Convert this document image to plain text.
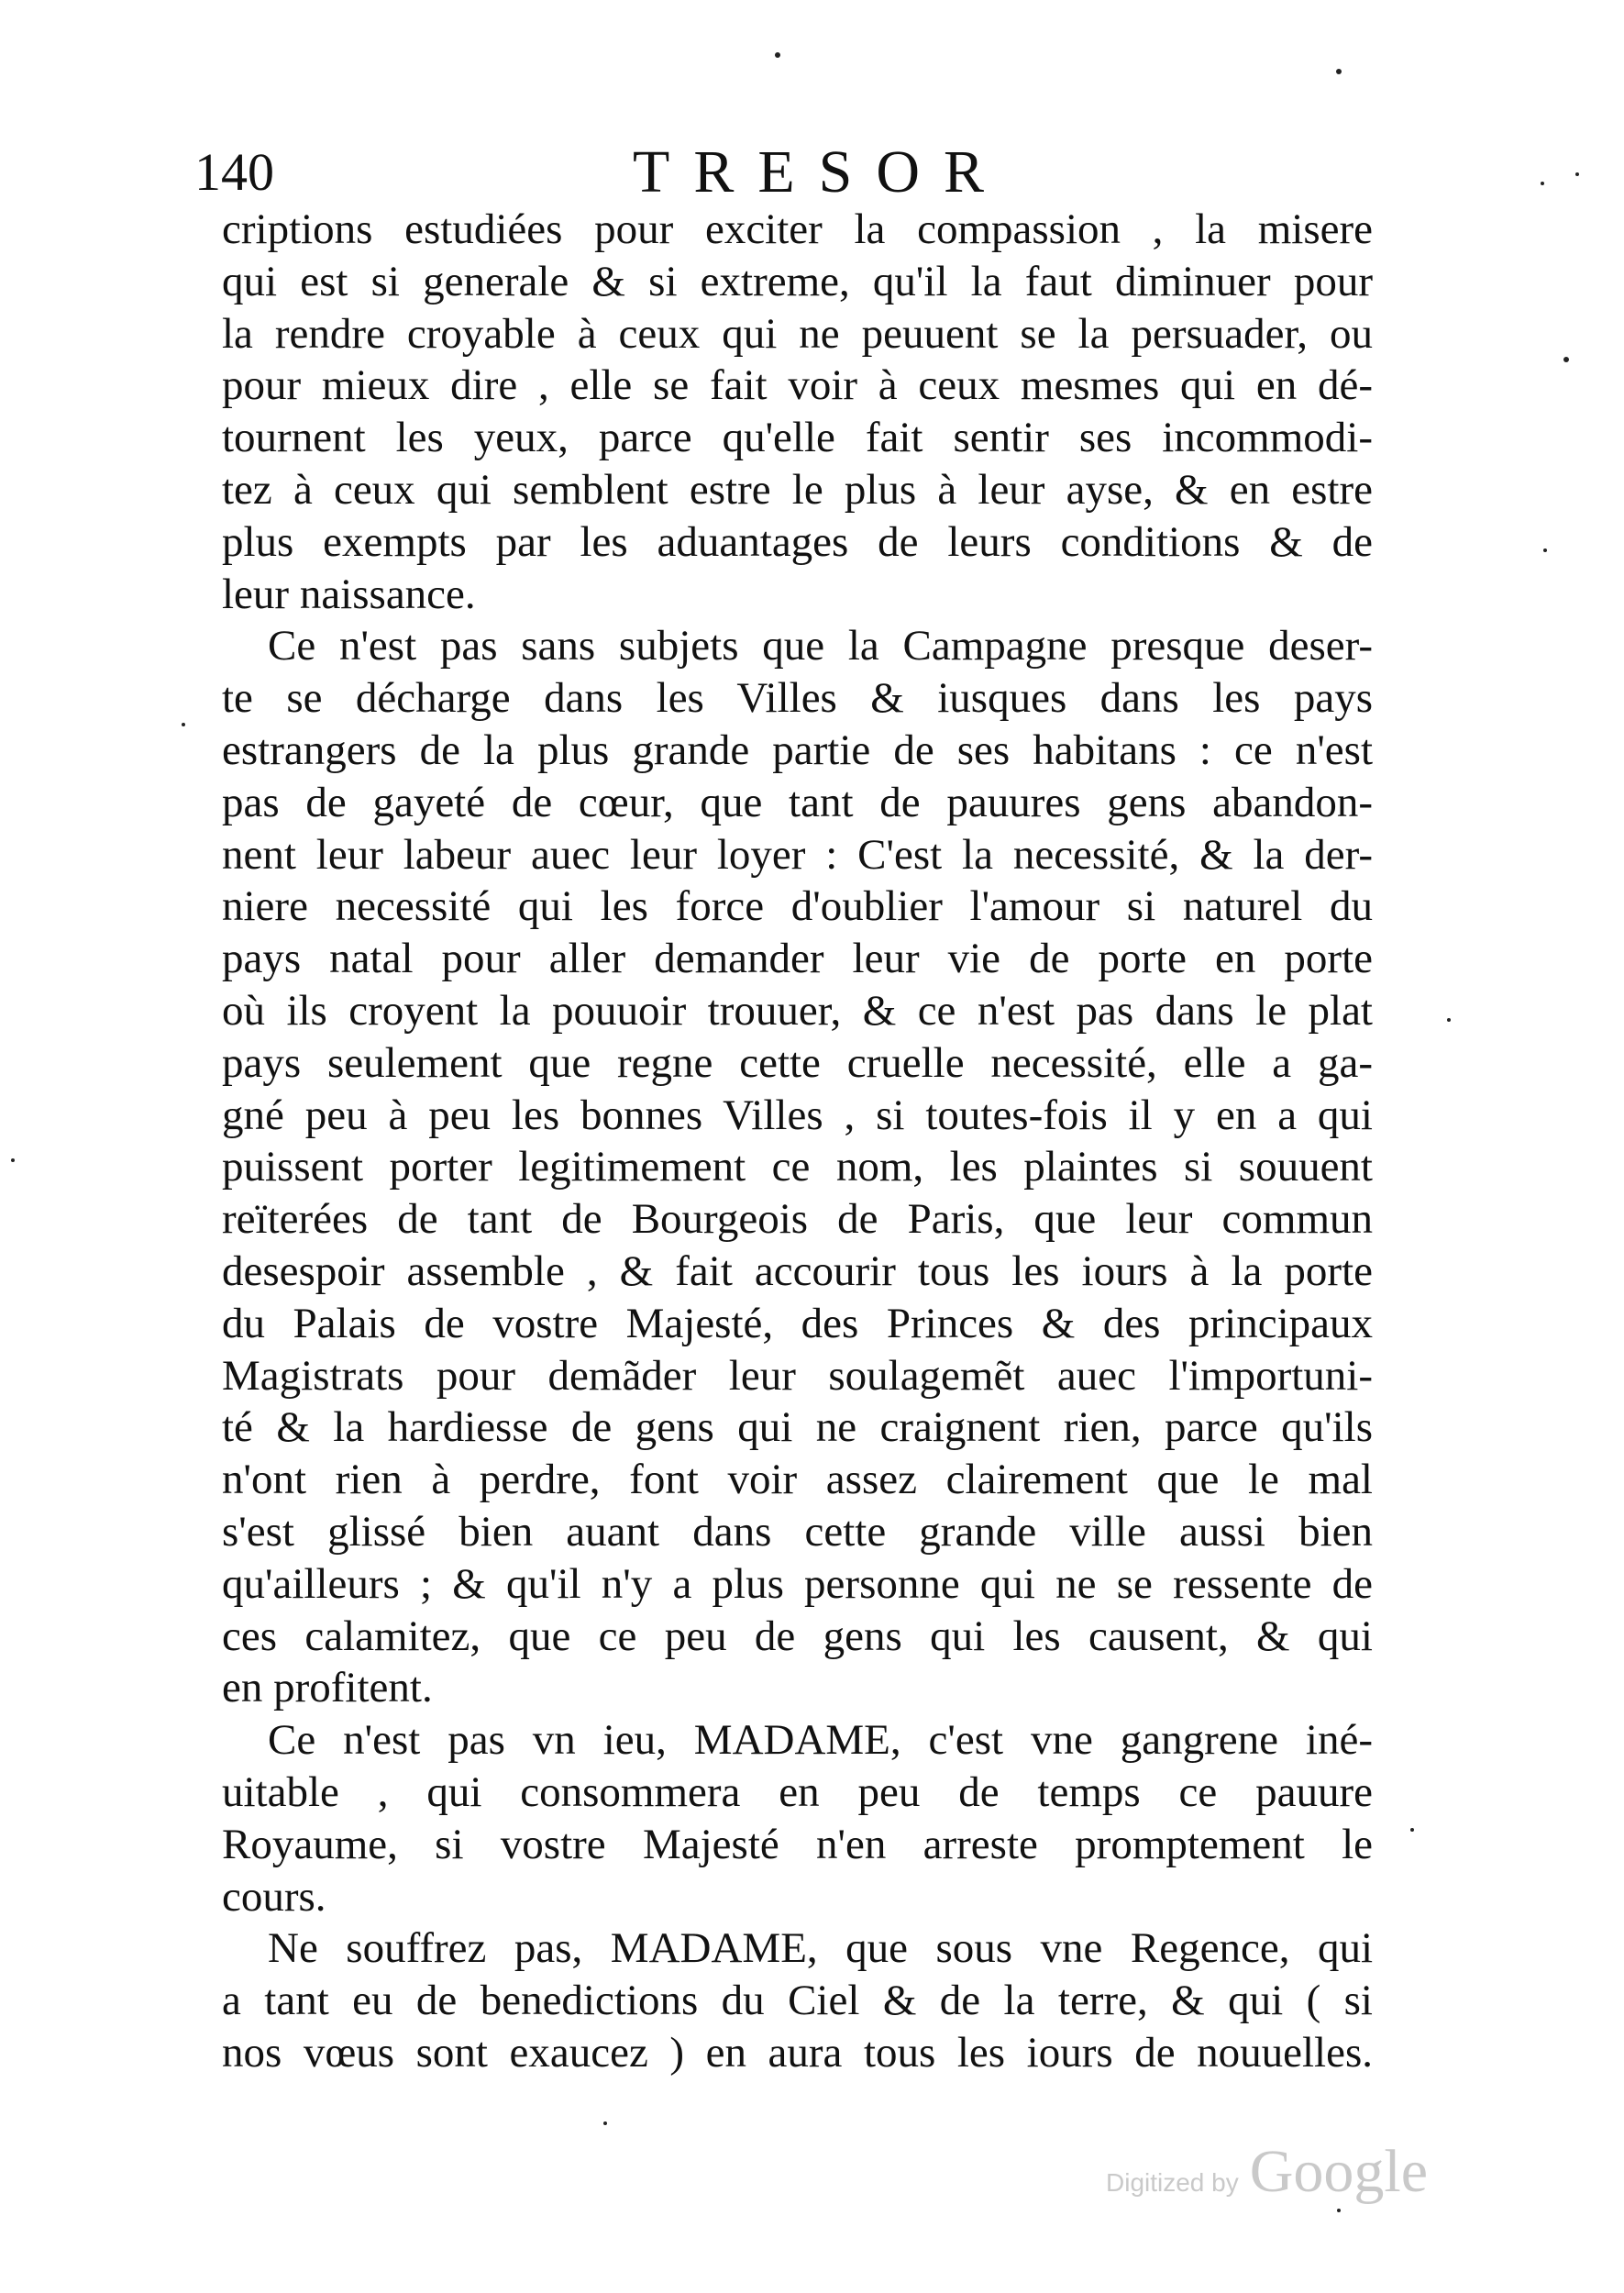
140	TRESOR
criptions estudiées pour exciter la compassion , la misere
qui est si generale & si extreme, qu'il la faut diminuer pour
la rendre croyable à ceux qui ne peuuent se la persuader, ou
pour mieux dire , elle se fait voir à ceux mesmes qui en dé-
tournent les yeux, parce qu'elle fait sentir ses incommodi-
tez à ceux qui semblent estre le plus à leur ayse, & en estre
plus exempts par les aduantages de leurs conditions & de
leur naissance.
Ce n'est pas sans subjets que la Campagne presque deser-
te se décharge dans les Villes & iusques dans les pays
estrangers de la plus grande partie de ses habitans : ce n'est
pas de gayeté de cœur, que tant de pauures gens abandon-
nent leur labeur auec leur loyer : C'est la necessité, & la der-
niere necessité qui les force d'oublier l'amour si naturel du
pays natal pour aller demander leur vie de porte en porte
où ils croyent la pouuoir trouuer, & ce n'est pas dans le plat
pays seulement que regne cette cruelle necessité, elle a ga-
gné peu à peu les bonnes Villes , si toutes-fois il y en a qui
puissent porter legitimement ce nom, les plaintes si souuent
reïterées de tant de Bourgeois de Paris, que leur commun
desespoir assemble , & fait accourir tous les iours à la porte
du Palais de vostre Majesté, des Princes & des principaux
Magistrats pour demãder leur soulagemẽt auec l'importuni-
té & la hardiesse de gens qui ne craignent rien, parce qu'ils
n'ont rien à perdre, font voir assez clairement que le mal
s'est glissé bien auant dans cette grande ville aussi bien
qu'ailleurs ; & qu'il n'y a plus personne qui ne se ressente de
ces calamitez, que ce peu de gens qui les causent, & qui
en profitent.
Ce n'est pas vn ieu, MADAME, c'est vne gangrene iné-
uitable , qui consommera en peu de temps ce pauure
Royaume, si vostre Majesté n'en arreste promptement le
cours.
Ne souffrez pas, MADAME, que sous vne Regence, qui
a tant eu de benedictions du Ciel & de la terre, & qui ( si
nos vœus sont exaucez ) en aura tous les iours de nouuelles.
Digitized by Google
